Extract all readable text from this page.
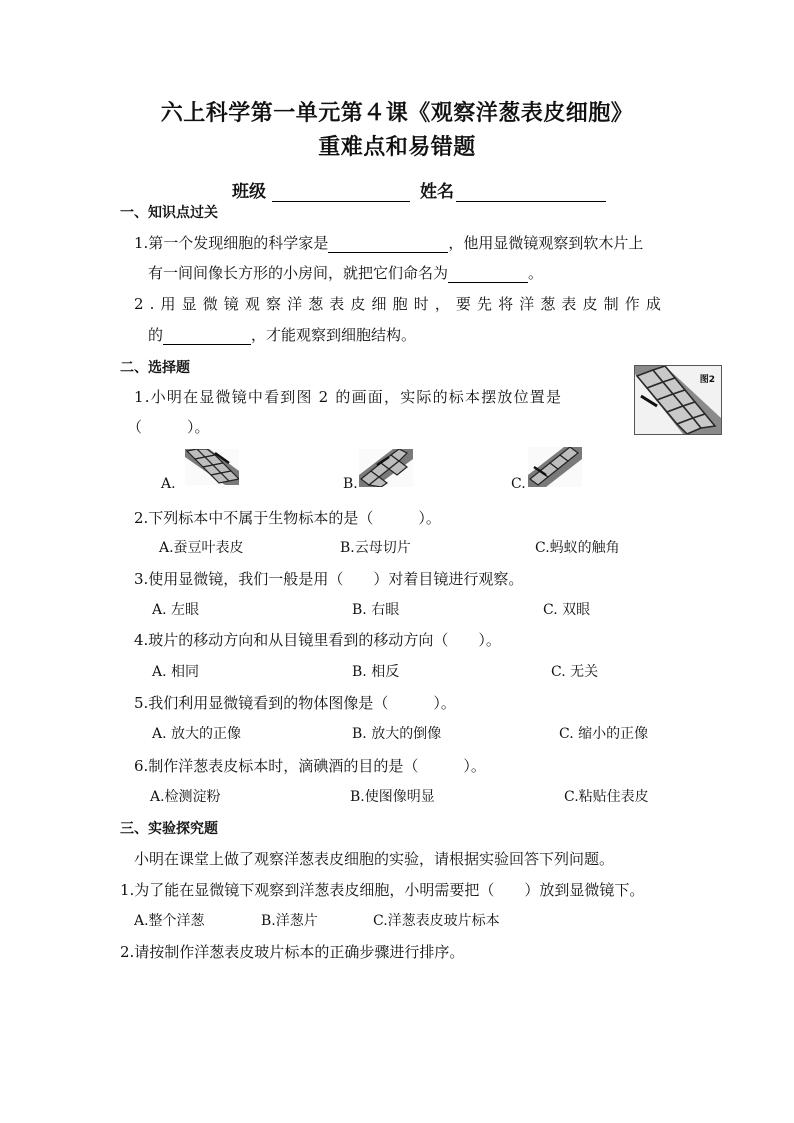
六上科学第一单元第４课《观察洋葱表皮细胞》
重难点和易错题
班级	姓名
一、知识点过关
1.第一个发现细胞的科学家是	，他用显微镜观察到软木片上
有一间间像长方形的小房间，就把它们命名为	。
2.用显微镜观察洋葱表皮细胞时，要先将洋葱表皮制作成
的	，才能观察到细胞结构。
二、选择题
1.小明在显微镜中看到图 2 的画面，实际的标本摆放位置是
（　　　）。
图2
A.	B.	C.
2.下列标本中不属于生物标本的是（　　　）。
A.蚕豆叶表皮	B.云母切片	C.蚂蚁的触角
3.使用显微镜，我们一般是用（　　）对着目镜进行观察。
A. 左眼	B. 右眼	C. 双眼
4.玻片的移动方向和从目镜里看到的移动方向（　　）。
A. 相同	B. 相反	C. 无关
5.我们利用显微镜看到的物体图像是（　　　）。
A. 放大的正像	B. 放大的倒像	C. 缩小的正像
6.制作洋葱表皮标本时，滴碘酒的目的是（　　　）。
A.检测淀粉	B.使图像明显	C.粘贴住表皮
三、实验探究题
小明在课堂上做了观察洋葱表皮细胞的实验，请根据实验回答下列问题。
1.为了能在显微镜下观察到洋葱表皮细胞，小明需要把（　　）放到显微镜下。
A.整个洋葱	B.洋葱片	C.洋葱表皮玻片标本
2.请按制作洋葱表皮玻片标本的正确步骤进行排序。
